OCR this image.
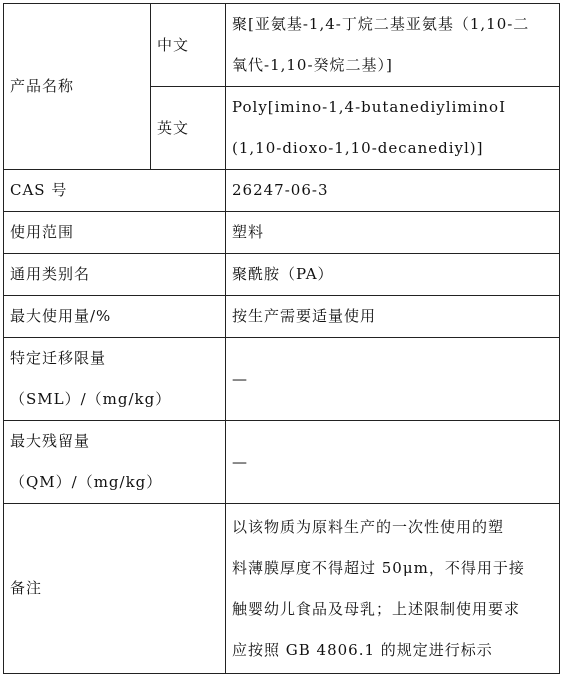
产品名称	中文	聚[亚氨基-1,4-丁烷二基亚氨基（1,10-二
氧代-1,10-癸烷二基）]

	英文	Poly[imino-1,4-butanediyliminoI
(1,10-dioxo-1,10-decanediyl)]

CAS 号		26247-06-3
使用范围		塑料
通用类别名		聚酰胺（PA）
最大使用量/%		按生产需要适量使用

特定迁移限量
（SML）/（mg/kg）		—

最大残留量
（QM）/（mg/kg）		—
备注		以该物质为原料生产的一次性使用的塑
料薄膜厚度不得超过 50μm，不得用于接
触婴幼儿食品及母乳；上述限制使用要求
应按照 GB 4806.1 的规定进行标示
